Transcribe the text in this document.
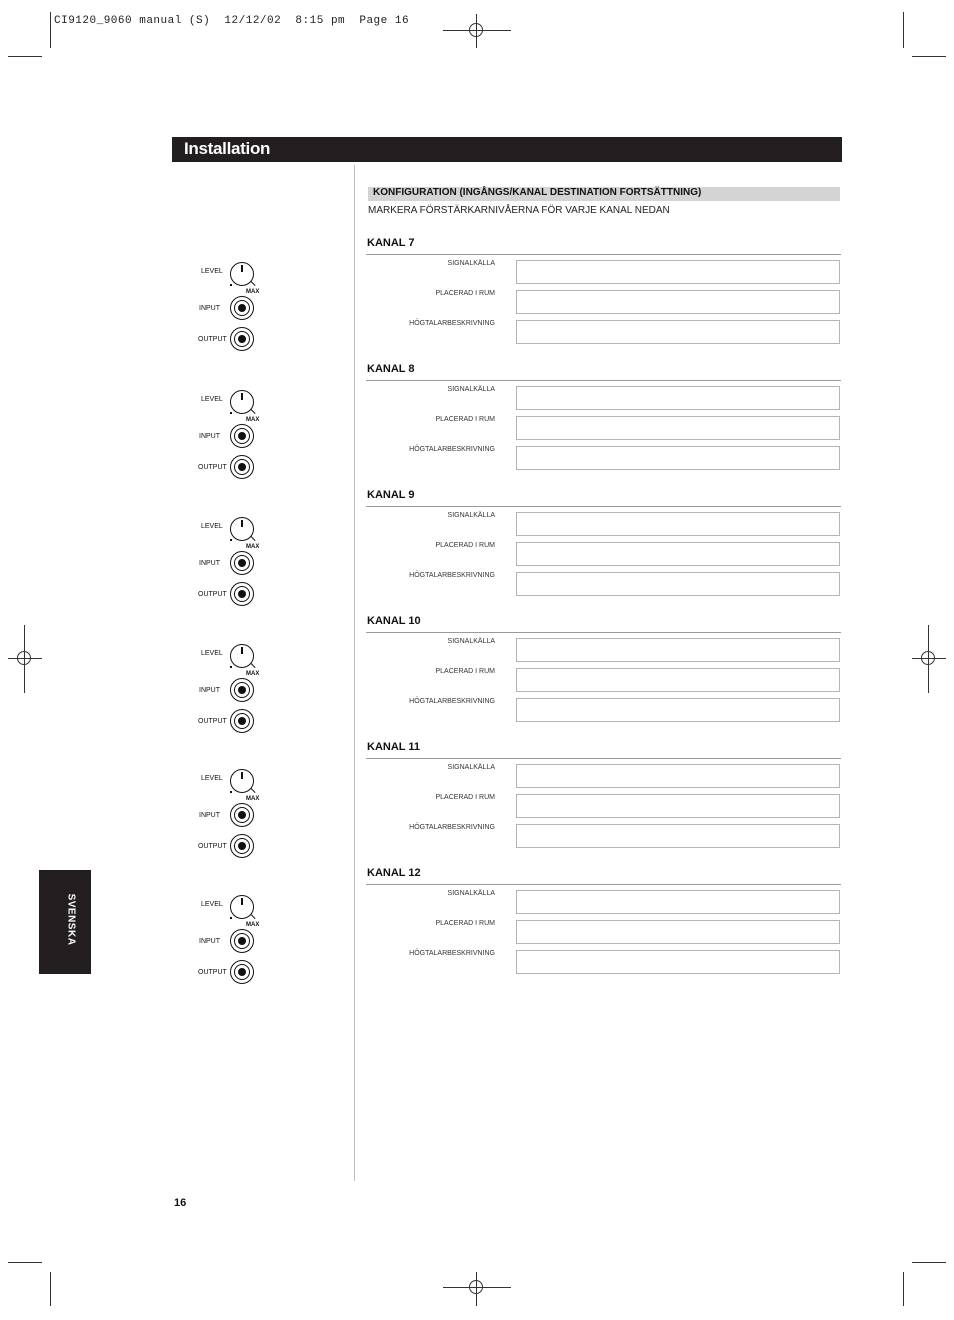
CI9120_9060 manual (S)  12/12/02  8:15 pm  Page 16
Installation
KONFIGURATION (INGÅNGS/KANAL DESTINATION FORTSÄTTNING)
MARKERA FÖRSTÄRKARNIVÅERNA FÖR VARJE KANAL NEDAN
KANAL 7
SIGNALKÄLLA
PLACERAD I RUM
HÖGTALARBESKRIVNING
KANAL 8
SIGNALKÄLLA
PLACERAD I RUM
HÖGTALARBESKRIVNING
KANAL 9
SIGNALKÄLLA
PLACERAD I RUM
HÖGTALARBESKRIVNING
KANAL 10
SIGNALKÄLLA
PLACERAD I RUM
HÖGTALARBESKRIVNING
KANAL 11
SIGNALKÄLLA
PLACERAD I RUM
HÖGTALARBESKRIVNING
KANAL 12
SIGNALKÄLLA
PLACERAD I RUM
HÖGTALARBESKRIVNING
LEVEL
MAX
INPUT
OUTPUT
LEVEL
MAX
INPUT
OUTPUT
LEVEL
MAX
INPUT
OUTPUT
LEVEL
MAX
INPUT
OUTPUT
LEVEL
MAX
INPUT
OUTPUT
LEVEL
MAX
INPUT
OUTPUT
SVENSKA
16
